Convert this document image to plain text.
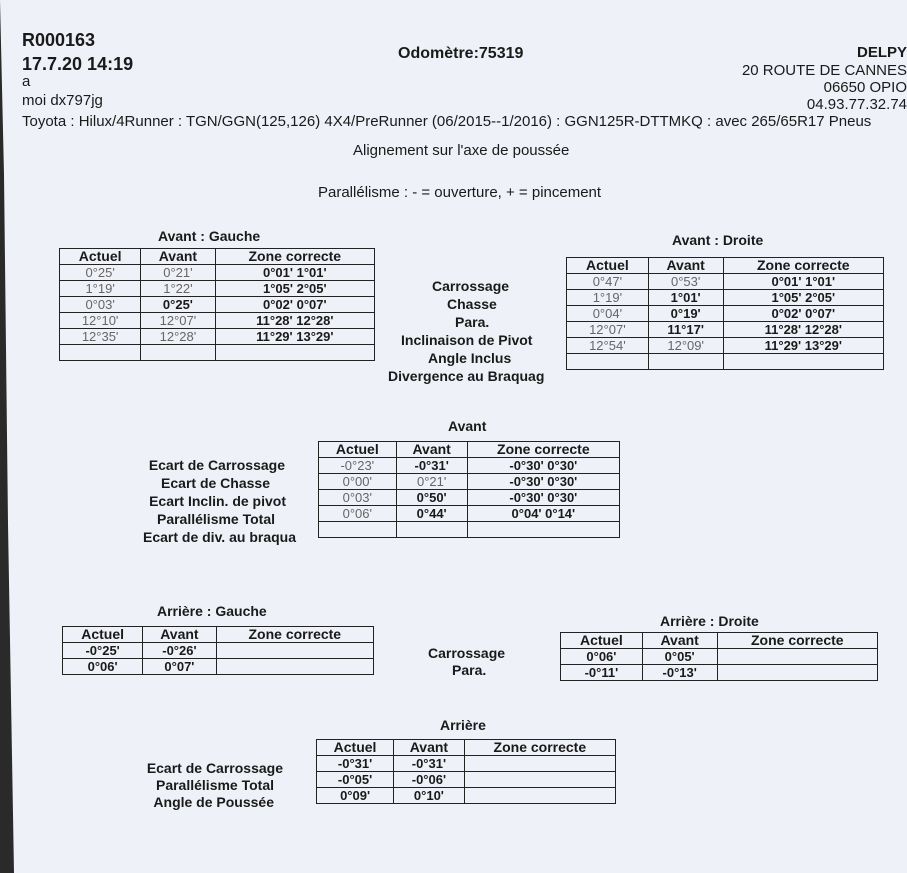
R000163
17.7.20 14:19
a
moi dx797jg
Odomètre:75319	DELPY
20 ROUTE DE CANNES
06650 OPIO
04.93.77.32.74
Toyota : Hilux/4Runner : TGN/GGN(125,126) 4X4/PreRunner (06/2015--1/2016) : GGN125R-DTTMKQ : avec 265/65R17 Pneus
Alignement sur l'axe de poussée
Parallélisme : - = ouverture, + = pincement
Avant : Gauche	Avant : Droite
Actuel	Avant	Zone correcte
0°25'	0°21'	0°01' 1°01'
1°19'	1°22'	1°05' 2°05'
0°03'	0°25'	0°02' 0°07'
12°10'	12°07'	11°28' 12°28'
12°35'	12°28'	11°29' 13°29'

Carrossage
Chasse
Para.
Inclinaison de Pivot
Angle Inclus
Divergence au Braquag
Actuel	Avant	Zone correcte
0°47'	0°53'	0°01' 1°01'
1°19'	1°01'	1°05' 2°05'
0°04'	0°19'	0°02' 0°07'
12°07'	11°17'	11°28' 12°28'
12°54'	12°09'	11°29' 13°29'

Avant
Ecart de Carrossage
Ecart de Chasse
Ecart Inclin. de pivot
Parallélisme Total
Ecart de div. au braqua
Actuel	Avant	Zone correcte
-0°23'	-0°31'	-0°30' 0°30'
0°00'	0°21'	-0°30' 0°30'
0°03'	0°50'	-0°30' 0°30'
0°06'	0°44'	0°04' 0°14'

Arrière : Gauche
Arrière : Droite
Actuel	Avant	Zone correcte
-0°25'	-0°26'	
0°06'	0°07'	
Carrossage
Para.
Actuel	Avant	Zone correcte
0°06'	0°05'	
-0°11'	-0°13'	
Arrière
Ecart de Carrossage
Parallélisme Total
Angle de Poussée
Actuel	Avant	Zone correcte
-0°31'	-0°31'	
-0°05'	-0°06'	
0°09'	0°10'	
